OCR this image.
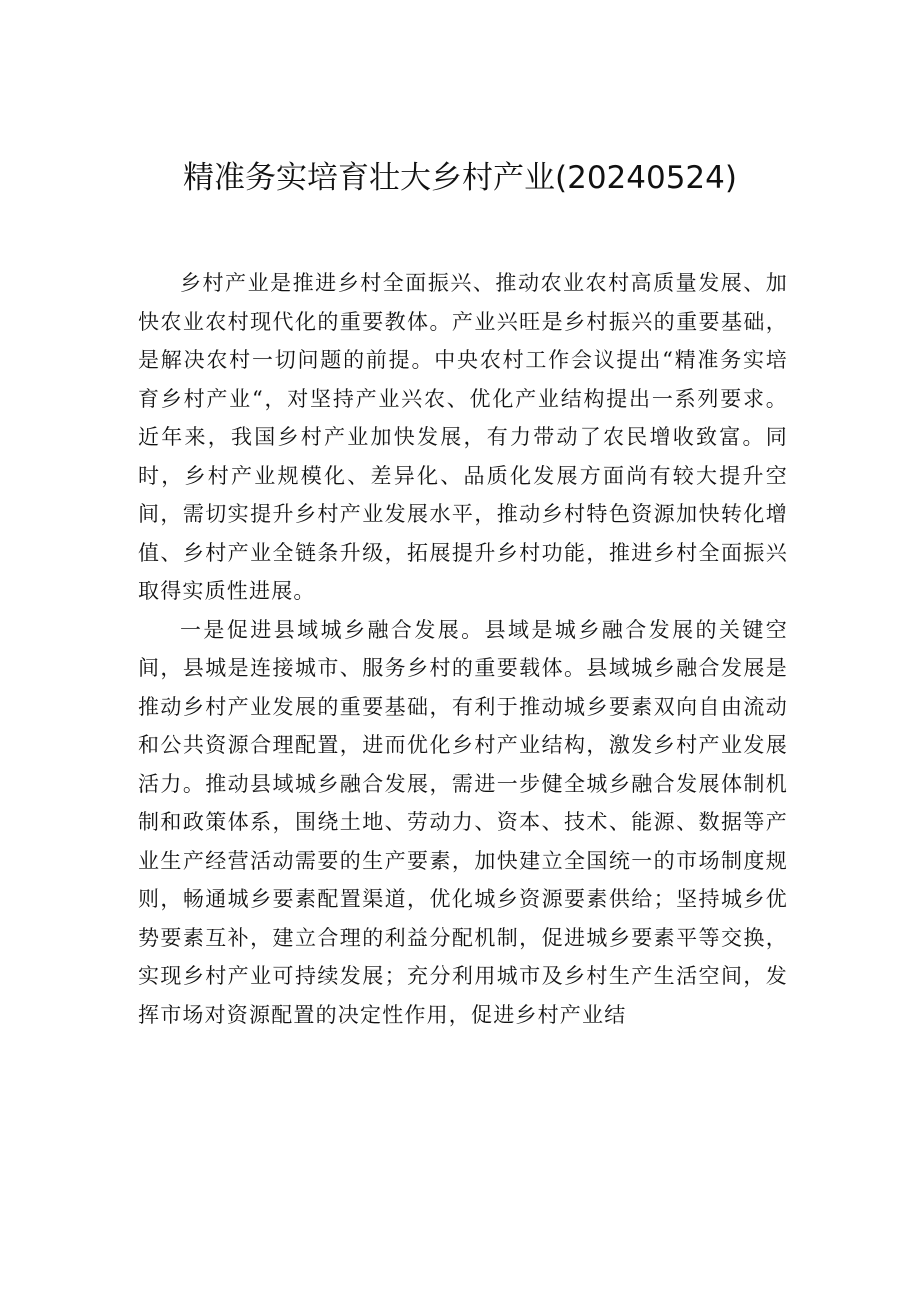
精准务实培育壮大乡村产业(20240524)

乡村产业是推进乡村全面振兴、推动农业农村高质量发展、加快农业农村现代化的重要教体。产业兴旺是乡村振兴的重要基础，是解决农村一切问题的前提。中央农村工作会议提出“精准务实培育乡村产业“，对坚持产业兴农、优化产业结构提出一系列要求。近年来，我国乡村产业加快发展，有力带动了农民增收致富。同时，乡村产业规模化、差异化、品质化发展方面尚有较大提升空间，需切实提升乡村产业发展水平，推动乡村特色资源加快转化增值、乡村产业全链条升级，拓展提升乡村功能，推进乡村全面振兴取得实质性进展。

一是促进县域城乡融合发展。县域是城乡融合发展的关键空间，县城是连接城市、服务乡村的重要载体。县域城乡融合发展是推动乡村产业发展的重要基础，有利于推动城乡要素双向自由流动和公共资源合理配置，进而优化乡村产业结构，激发乡村产业发展活力。推动县域城乡融合发展，需进一步健全城乡融合发展体制机制和政策体系，围绕土地、劳动力、资本、技术、能源、数据等产业生产经营活动需要的生产要素，加快建立全国统一的市场制度规则，畅通城乡要素配置渠道，优化城乡资源要素供给；坚持城乡优势要素互补，建立合理的利益分配机制，促进城乡要素平等交换，实现乡村产业可持续发展；充分利用城市及乡村生产生活空间，发挥市场对资源配置的决定性作用，促进乡村产业结
